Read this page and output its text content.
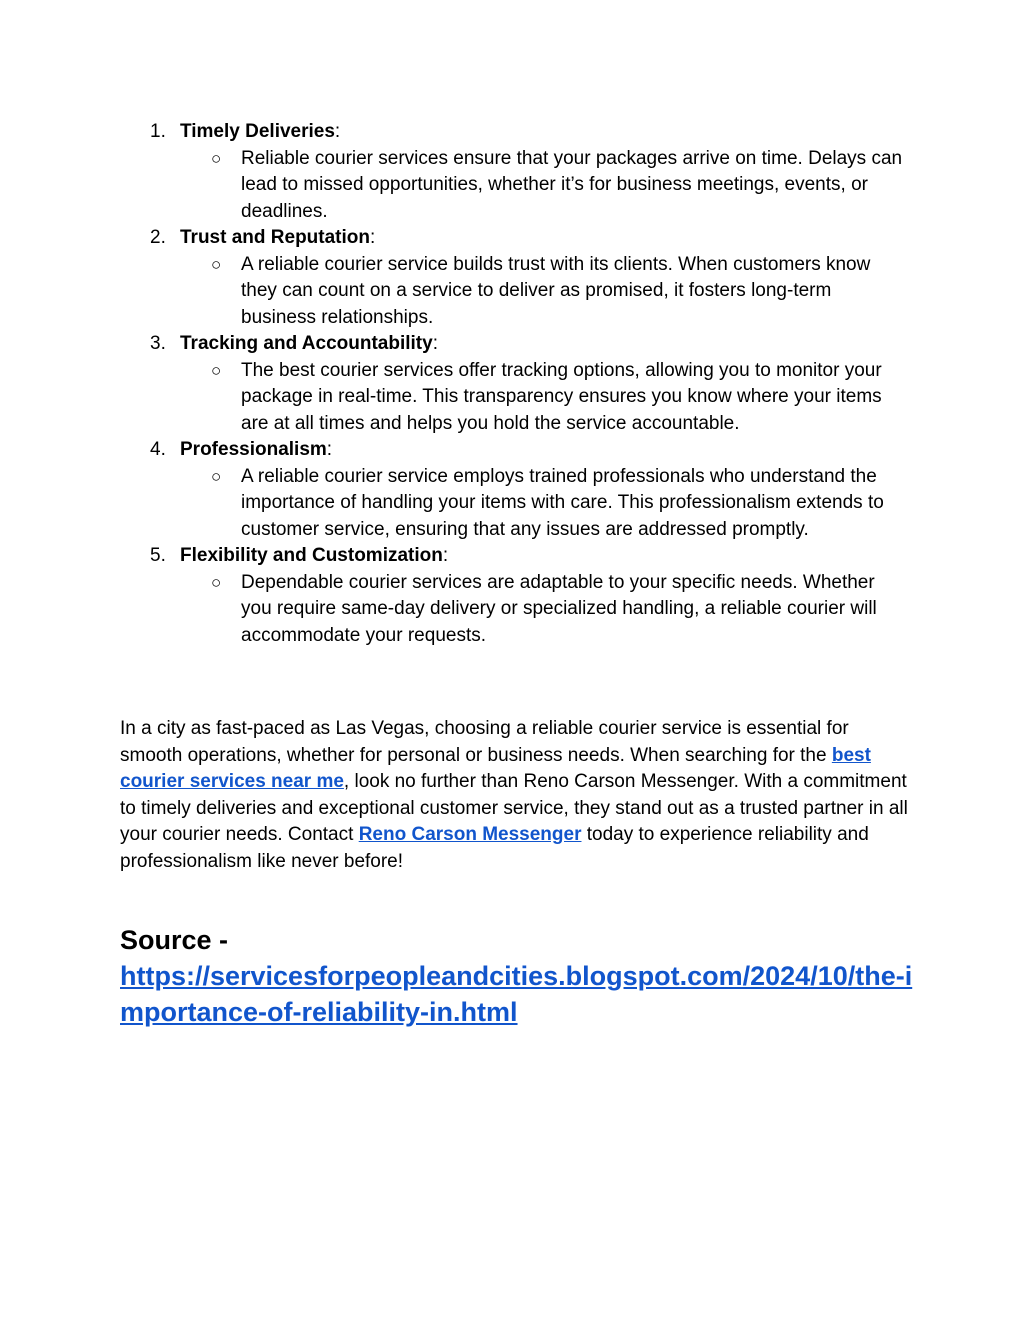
1. Timely Deliveries:
○ Reliable courier services ensure that your packages arrive on time. Delays can lead to missed opportunities, whether it’s for business meetings, events, or deadlines.
2. Trust and Reputation:
○ A reliable courier service builds trust with its clients. When customers know they can count on a service to deliver as promised, it fosters long-term business relationships.
3. Tracking and Accountability:
○ The best courier services offer tracking options, allowing you to monitor your package in real-time. This transparency ensures you know where your items are at all times and helps you hold the service accountable.
4. Professionalism:
○ A reliable courier service employs trained professionals who understand the importance of handling your items with care. This professionalism extends to customer service, ensuring that any issues are addressed promptly.
5. Flexibility and Customization:
○ Dependable courier services are adaptable to your specific needs. Whether you require same-day delivery or specialized handling, a reliable courier will accommodate your requests.

In a city as fast-paced as Las Vegas, choosing a reliable courier service is essential for smooth operations, whether for personal or business needs. When searching for the best courier services near me, look no further than Reno Carson Messenger. With a commitment to timely deliveries and exceptional customer service, they stand out as a trusted partner in all your courier needs. Contact Reno Carson Messenger today to experience reliability and professionalism like never before!

Source -
https://servicesforpeopleandcities.blogspot.com/2024/10/the-importance-of-reliability-in.html
